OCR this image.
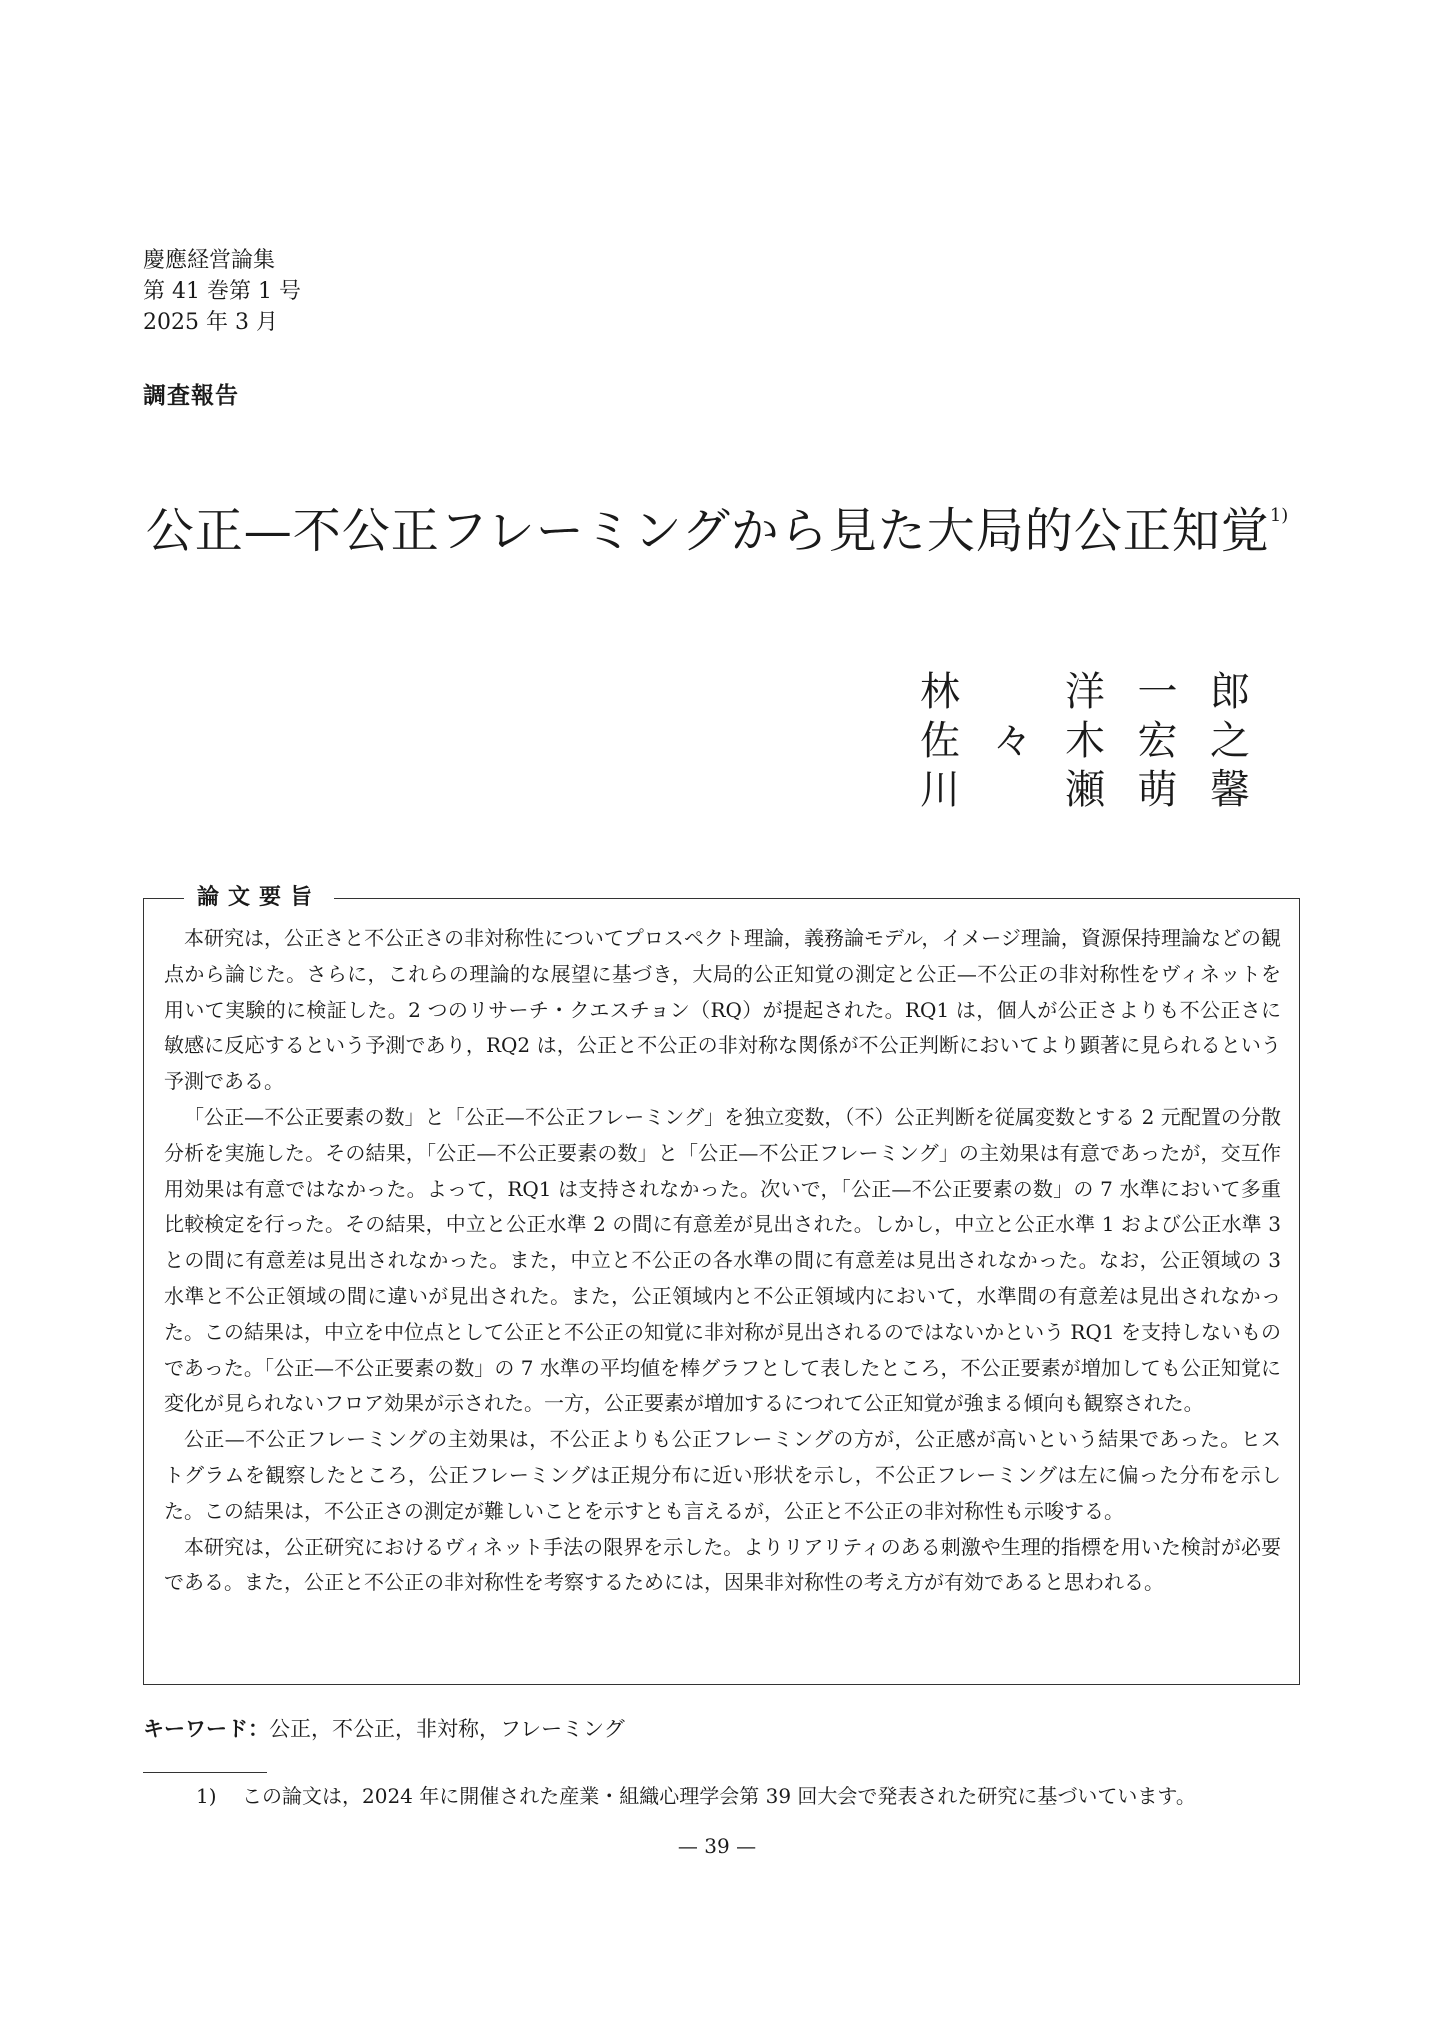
慶應経営論集
第 41 巻第 1 号
2025 年 3 月
調査報告
公正—不公正フレーミングから見た大局的公正知覚$^{1)}$
林	洋 一 郎
佐 々 木 宏 之
川	瀬 萌 馨
論文要旨

本研究は，公正さと不公正さの非対称性についてプロスペクト理論，義務論モデル，イメージ理論，資源保持理論などの観点から論じた。さらに，これらの理論的な展望に基づき，大局的公正知覚の測定と公正—不公正の非対称性をヴィネットを用いて実験的に検証した。2 つのリサーチ・クエスチョン（RQ）が提起された。RQ1 は，個人が公正さよりも不公正さに敏感に反応するという予測であり，RQ2 は，公正と不公正の非対称な関係が不公正判断においてより顕著に見られるという予測である。

「公正—不公正要素の数」と「公正—不公正フレーミング」を独立変数，（不）公正判断を従属変数とする 2 元配置の分散分析を実施した。その結果，「公正—不公正要素の数」と「公正—不公正フレーミング」の主効果は有意であったが，交互作用効果は有意ではなかった。よって，RQ1 は支持されなかった。次いで，「公正—不公正要素の数」の 7 水準において多重比較検定を行った。その結果，中立と公正水準 2 の間に有意差が見出された。しかし，中立と公正水準 1 および公正水準 3 との間に有意差は見出されなかった。また，中立と不公正の各水準の間に有意差は見出されなかった。なお，公正領域の 3 水準と不公正領域の間に違いが見出された。また，公正領域内と不公正領域内において，水準間の有意差は見出されなかった。この結果は，中立を中位点として公正と不公正の知覚に非対称が見出されるのではないかという RQ1 を支持しないものであった。「公正—不公正要素の数」の 7 水準の平均値を棒グラフとして表したところ，不公正要素が増加しても公正知覚に変化が見られないフロア効果が示された。一方，公正要素が増加するにつれて公正知覚が強まる傾向も観察された。

公正—不公正フレーミングの主効果は，不公正よりも公正フレーミングの方が，公正感が高いという結果であった。ヒストグラムを観察したところ，公正フレーミングは正規分布に近い形状を示し，不公正フレーミングは左に偏った分布を示した。この結果は，不公正さの測定が難しいことを示すとも言えるが，公正と不公正の非対称性も示唆する。

本研究は，公正研究におけるヴィネット手法の限界を示した。よりリアリティのある刺激や生理的指標を用いた検討が必要である。また，公正と不公正の非対称性を考察するためには，因果非対称性の考え方が有効であると思われる。

キーワード：公正，不公正，非対称，フレーミング
1) この論文は，2024 年に開催された産業・組織心理学会第 39 回大会で発表された研究に基づいています。
— 39 —
